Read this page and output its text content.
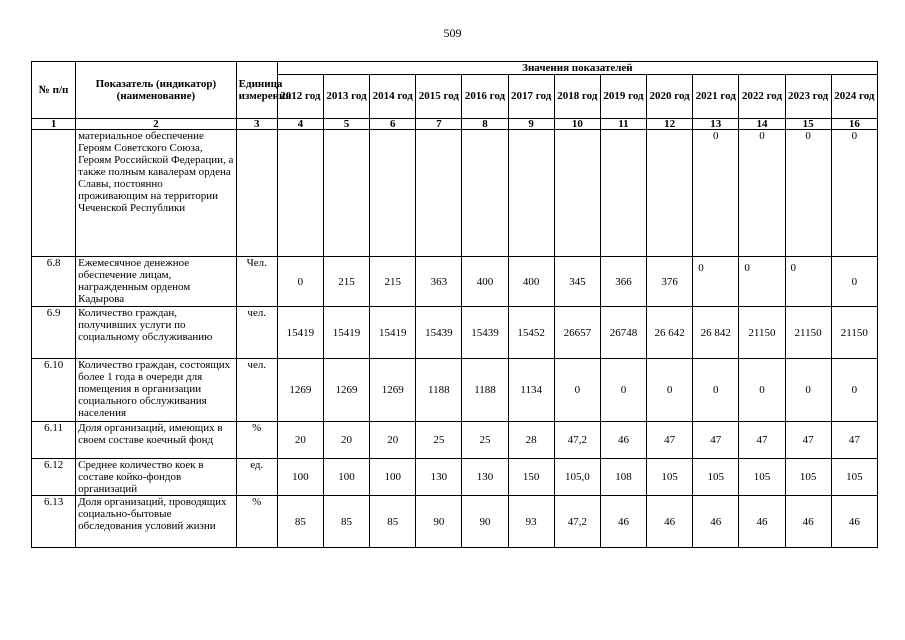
509
№ п/п	Показатель (индикатор) (наименование)	Единица измерения	Значения показателей												
			2012 год	2013 год	2014 год	2015 год	2016 год	2017 год	2018 год	2019 год	2020 год	2021 год	2022 год	2023 год	2024 год
1	2	3	4	5	6	7	8	9	10	11	12	13	14	15	16
	материальное обеспечение Героям Советского Союза, Героям Российской Федерации, а также полным кавалерам ордена Славы, постоянно проживающим на территории Чеченской Республики											0	0	0	0
6.8	Ежемесячное денежное обеспечение лицам, награжденным орденом Кадырова	Чел.	0	215	215	363	400	400	345	366	376	0	0	0	0
6.9	Количество граждан, получивших услуги по социальному обслуживанию	чел.	15419	15419	15419	15439	15439	15452	26657	26748	26 642	26 842	21150	21150	21150
6.10	Количество граждан, состоящих более 1 года в очереди для помещения в организации социального обслуживания населения	чел.	1269	1269	1269	1188	1188	1134	0	0	0	0	0	0	0
6.11	Доля организаций, имеющих в своем составе коечный фонд	%	20	20	20	25	25	28	47,2	46	47	47	47	47	47
6.12	Среднее количество коек в составе койко-фондов организаций	ед.	100	100	100	130	130	150	105,0	108	105	105	105	105	105
6.13	Доля организаций, проводящих социально-бытовые обследования условий жизни	%	85	85	85	90	90	93	47,2	46	46	46	46	46	46
